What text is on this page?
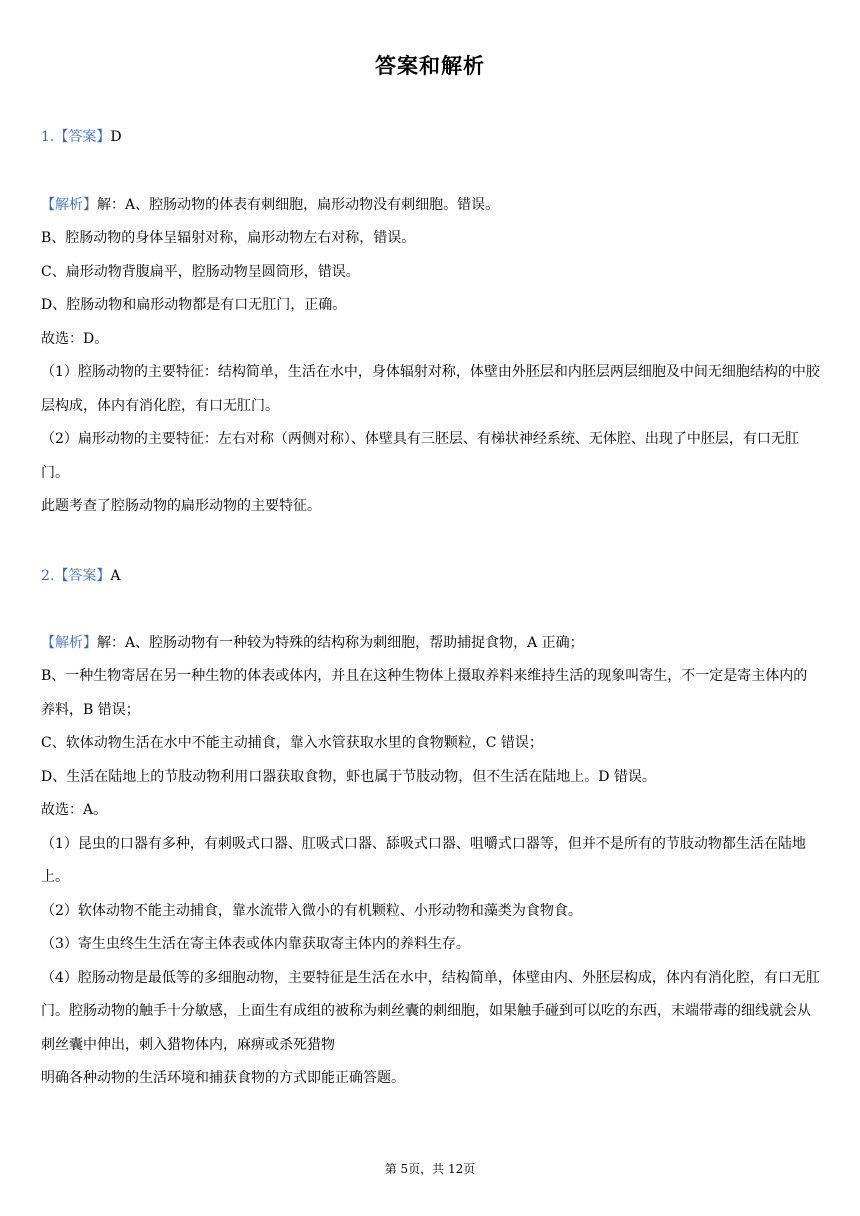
答案和解析

1.【答案】D

【解析】解：A、腔肠动物的体表有刺细胞，扁形动物没有刺细胞。错误。

B、腔肠动物的身体呈辐射对称，扁形动物左右对称，错误。

C、扁形动物背腹扁平，腔肠动物呈圆筒形，错误。

D、腔肠动物和扁形动物都是有口无肛门，正确。

故选：D。

（1）腔肠动物的主要特征：结构简单，生活在水中，身体辐射对称，体壁由外胚层和内胚层两层细胞及中间无细胞结构的中胶层构成，体内有消化腔，有口无肛门。

（2）扁形动物的主要特征：左右对称（两侧对称）、体壁具有三胚层、有梯状神经系统、无体腔、出现了中胚层，有口无肛门。

此题考查了腔肠动物的扁形动物的主要特征。

2.【答案】A

【解析】解：A、腔肠动物有一种较为特殊的结构称为刺细胞，帮助捕捉食物，A 正确；

B、一种生物寄居在另一种生物的体表或体内，并且在这种生物体上摄取养料来维持生活的现象叫寄生，不一定是寄主体内的养料，B 错误；

C、软体动物生活在水中不能主动捕食，靠入水管获取水里的食物颗粒，C 错误；

D、生活在陆地上的节肢动物利用口器获取食物，虾也属于节肢动物，但不生活在陆地上。D 错误。

故选：A。

（1）昆虫的口器有多种，有刺吸式口器、肛吸式口器、舔吸式口器、咀嚼式口器等，但并不是所有的节肢动物都生活在陆地上。

（2）软体动物不能主动捕食，靠水流带入微小的有机颗粒、小形动物和藻类为食物食。

（3）寄生虫终生生活在寄主体表或体内靠获取寄主体内的养料生存。

（4）腔肠动物是最低等的多细胞动物，主要特征是生活在水中，结构简单，体壁由内、外胚层构成，体内有消化腔，有口无肛门。腔肠动物的触手十分敏感，上面生有成组的被称为刺丝囊的刺细胞，如果触手碰到可以吃的东西，末端带毒的细线就会从刺丝囊中伸出，刺入猎物体内，麻痹或杀死猎物

明确各种动物的生活环境和捕获食物的方式即能正确答题。

第 5页，共 12页
